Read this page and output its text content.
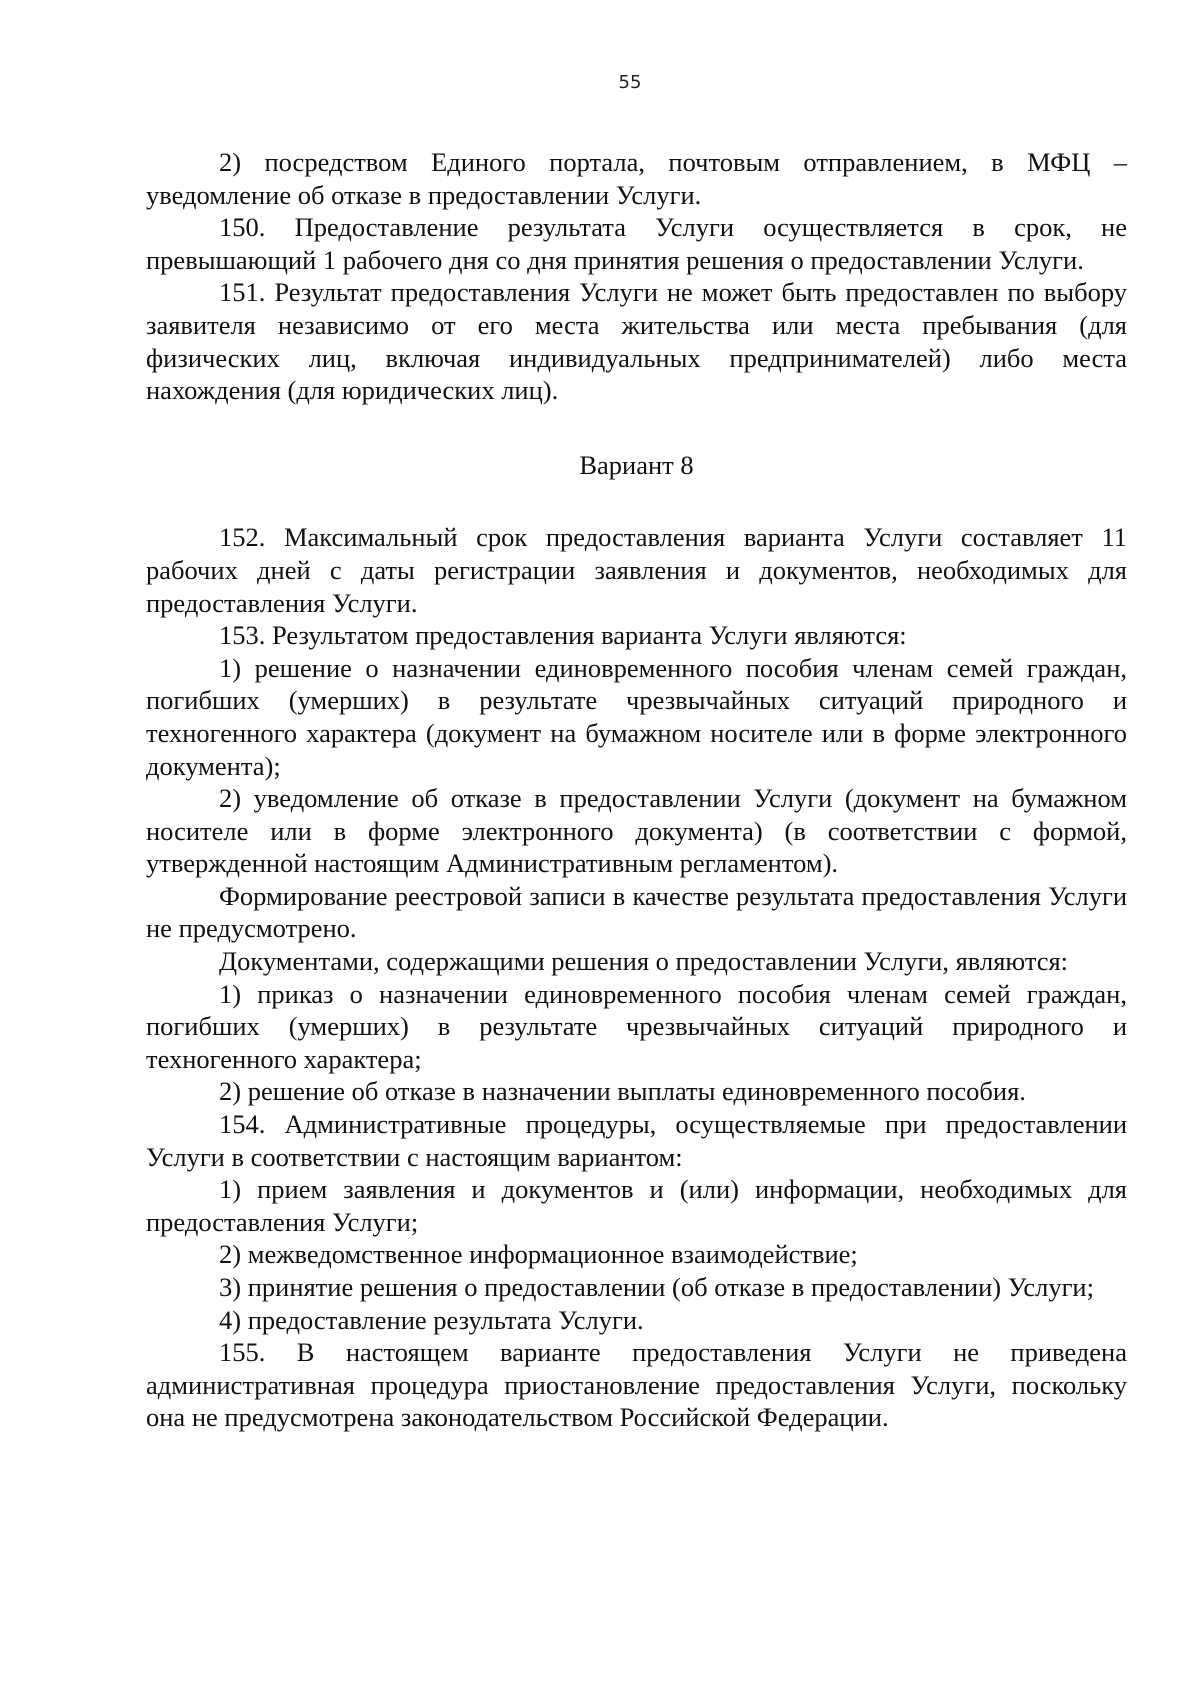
55

2) посредством Единого портала, почтовым отправлением, в МФЦ – уведомление об отказе в предоставлении Услуги.

150. Предоставление результата Услуги осуществляется в срок, не превышающий 1 рабочего дня со дня принятия решения о предоставлении Услуги.

151. Результат предоставления Услуги не может быть предоставлен по выбору заявителя независимо от его места жительства или места пребывания (для физических лиц, включая индивидуальных предпринимателей) либо места нахождения (для юридических лиц).

Вариант 8

152. Максимальный срок предоставления варианта Услуги составляет 11 рабочих дней с даты регистрации заявления и документов, необходимых для предоставления Услуги.

153. Результатом предоставления варианта Услуги являются:

1) решение о назначении единовременного пособия членам семей граждан, погибших (умерших) в результате чрезвычайных ситуаций природного и техногенного характера (документ на бумажном носителе или в форме электронного документа);

2) уведомление об отказе в предоставлении Услуги (документ на бумажном носителе или в форме электронного документа) (в соответствии с формой, утвержденной настоящим Административным регламентом).

Формирование реестровой записи в качестве результата предоставления Услуги не предусмотрено.

Документами, содержащими решения о предоставлении Услуги, являются:

1) приказ о назначении единовременного пособия членам семей граждан, погибших (умерших) в результате чрезвычайных ситуаций природного и техногенного характера;

2) решение об отказе в назначении выплаты единовременного пособия.

154. Административные процедуры, осуществляемые при предоставлении Услуги в соответствии с настоящим вариантом:

1) прием заявления и документов и (или) информации, необходимых для предоставления Услуги;

2) межведомственное информационное взаимодействие;

3) принятие решения о предоставлении (об отказе в предоставлении) Услуги;

4) предоставление результата Услуги.

155. В настоящем варианте предоставления Услуги не приведена административная процедура приостановление предоставления Услуги, поскольку она не предусмотрена законодательством Российской Федерации.
